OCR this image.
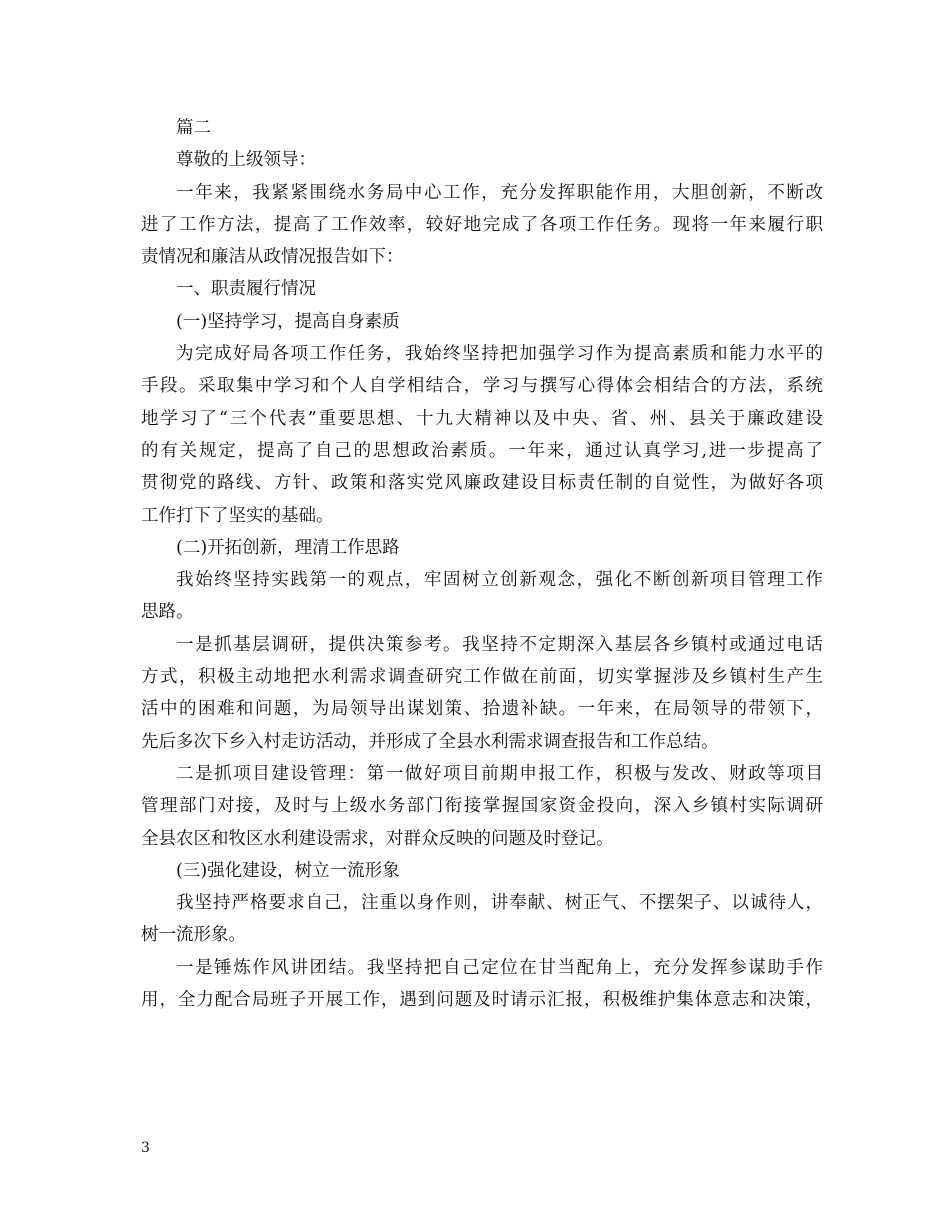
篇二
尊敬的上级领导：
一年来，我紧紧围绕水务局中心工作，充分发挥职能作用，大胆创新，不断改
进了工作方法，提高了工作效率，较好地完成了各项工作任务。现将一年来履行职
责情况和廉洁从政情况报告如下：
一、职责履行情况
(一)坚持学习，提高自身素质
为完成好局各项工作任务，我始终坚持把加强学习作为提高素质和能力水平的
手段。采取集中学习和个人自学相结合，学习与撰写心得体会相结合的方法，系统
地学习了“三个代表”重要思想、十九大精神以及中央、省、州、县关于廉政建设
的有关规定，提高了自己的思想政治素质。一年来，通过认真学习,进一步提高了
贯彻党的路线、方针、政策和落实党风廉政建设目标责任制的自觉性，为做好各项
工作打下了坚实的基础。
(二)开拓创新，理清工作思路
我始终坚持实践第一的观点，牢固树立创新观念，强化不断创新项目管理工作
思路。
一是抓基层调研，提供决策参考。我坚持不定期深入基层各乡镇村或通过电话
方式，积极主动地把水利需求调查研究工作做在前面，切实掌握涉及乡镇村生产生
活中的困难和问题，为局领导出谋划策、拾遗补缺。一年来，在局领导的带领下，
先后多次下乡入村走访活动，并形成了全县水利需求调查报告和工作总结。
二是抓项目建设管理：第一做好项目前期申报工作，积极与发改、财政等项目
管理部门对接，及时与上级水务部门衔接掌握国家资金投向，深入乡镇村实际调研
全县农区和牧区水利建设需求，对群众反映的问题及时登记。
(三)强化建设，树立一流形象
我坚持严格要求自己，注重以身作则，讲奉献、树正气、不摆架子、以诚待人，
树一流形象。
一是锤炼作风讲团结。我坚持把自己定位在甘当配角上，充分发挥参谋助手作
用，全力配合局班子开展工作，遇到问题及时请示汇报，积极维护集体意志和决策，
3
